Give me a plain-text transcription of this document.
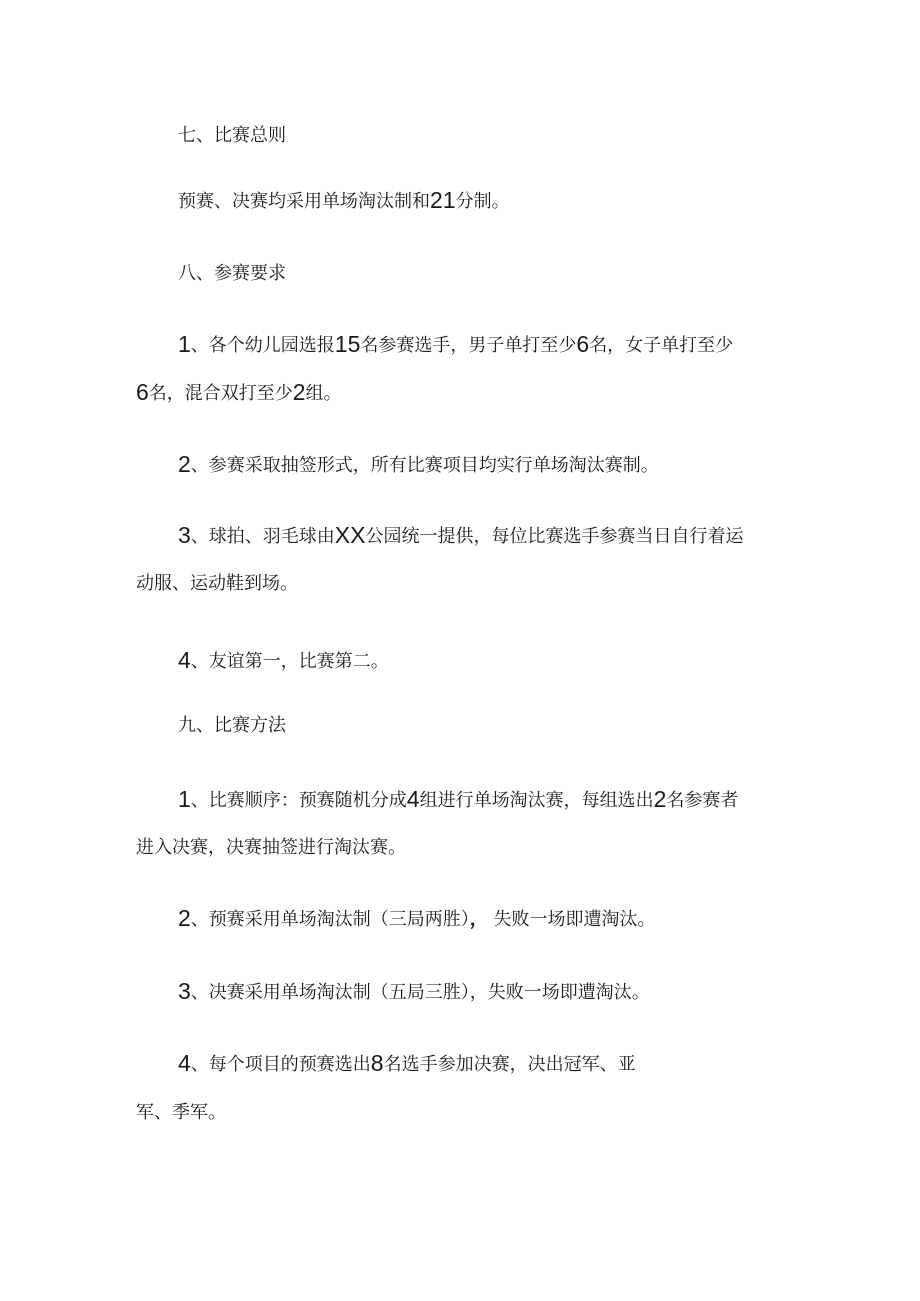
七、比赛总则
预赛、决赛均采用单场淘汰制和21分制。
八、参赛要求
1、各个幼儿园选报15名参赛选手，男子单打至少6名，女子单打至少
6名，混合双打至少2组。
2、参赛采取抽签形式，所有比赛项目均实行单场淘汰赛制。
3、球拍、羽毛球由XX公园统一提供，每位比赛选手参赛当日自行着运
动服、运动鞋到场。
4、友谊第一，比赛第二。
九、比赛方法
1、比赛顺序：预赛随机分成4组进行单场淘汰赛，每组选出2名参赛者
进入决赛，决赛抽签进行淘汰赛。
2、预赛采用单场淘汰制（三局两胜）， 失败一场即遭淘汰。
3、决赛采用单场淘汰制（五局三胜），失败一场即遭淘汰。
4、每个项目的预赛选出8名选手参加决赛，决出冠军、亚
军、季军。
